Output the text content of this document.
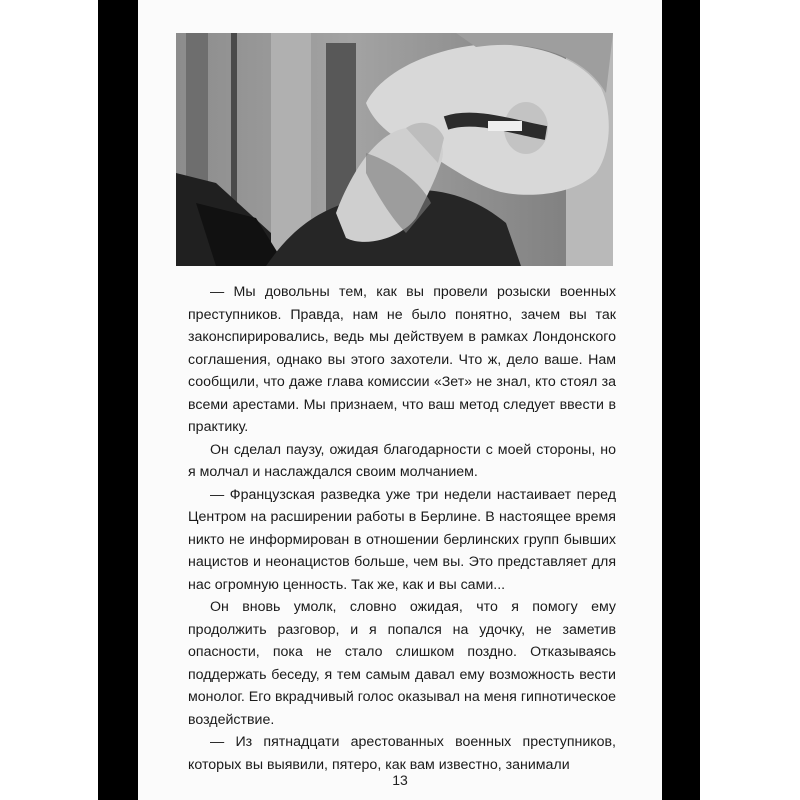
— Мы довольны тем, как вы провели розыски военных преступников. Правда, нам не было понятно, зачем вы так законспирировались, ведь мы действуем в рамках Лондонского соглашения, однако вы этого захотели. Что ж, дело ваше. Нам сообщили, что даже глава комиссии «Зет» не знал, кто стоял за всеми арестами. Мы признаем, что ваш метод следует ввести в практику.

Он сделал паузу, ожидая благодарности с моей стороны, но я молчал и наслаждался своим молчанием.

— Французская разведка уже три недели настаивает перед Центром на расширении работы в Берлине. В настоящее время никто не информирован в отношении берлинских групп бывших нацистов и неонацистов больше, чем вы. Это представляет для нас огромную ценность. Так же, как и вы сами...

Он вновь умолк, словно ожидая, что я помогу ему продолжить разговор, и я попался на удочку, не заметив опасности, пока не стало слишком поздно. Отказываясь поддержать беседу, я тем самым давал ему возможность вести монолог. Его вкрадчивый голос оказывал на меня гипнотическое воздействие.

— Из пятнадцати арестованных военных преступников, которых вы выявили, пятеро, как вам известно, занимали

13
